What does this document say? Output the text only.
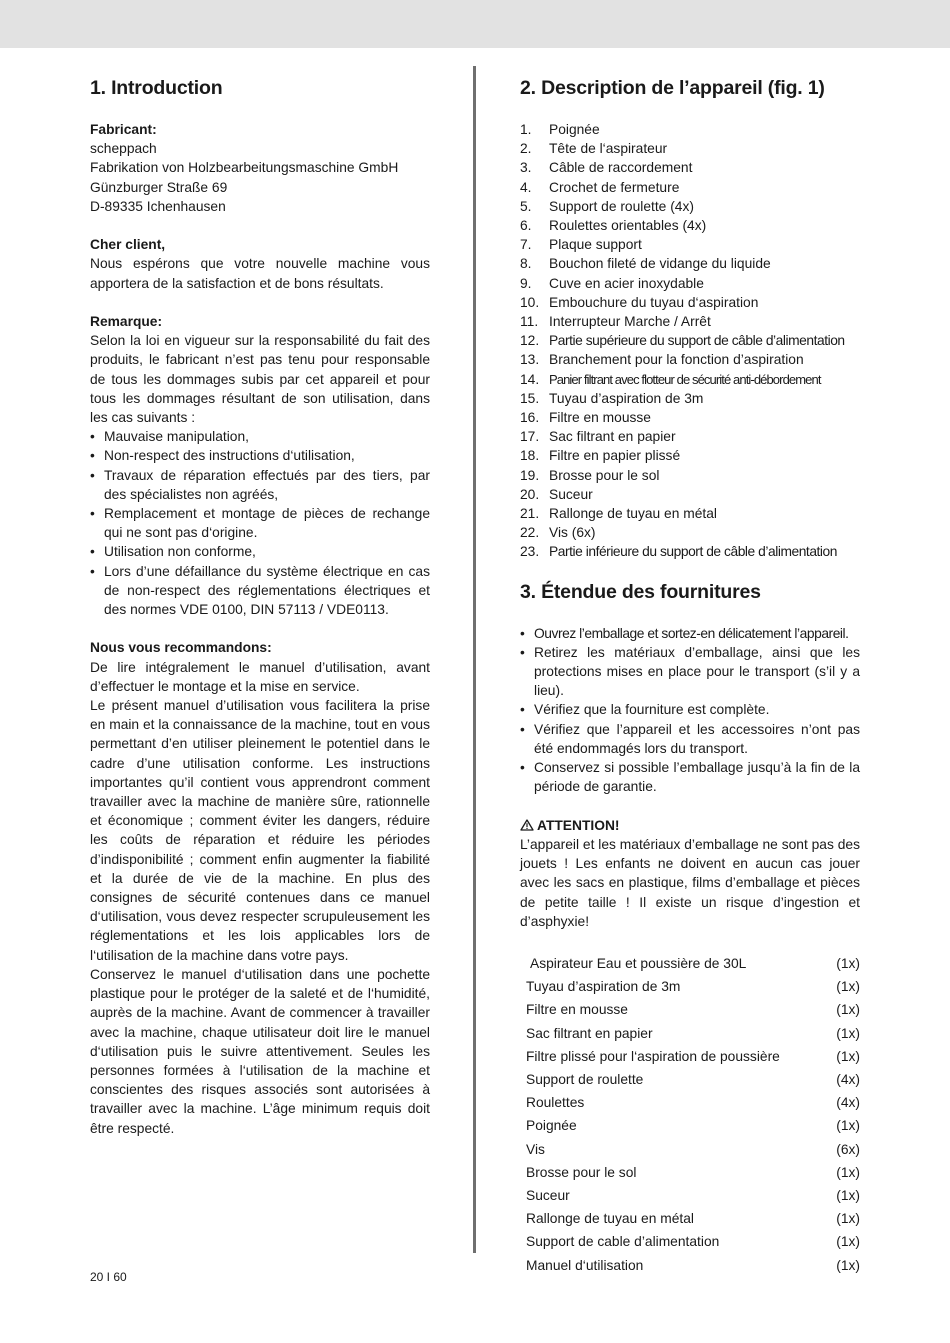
1. Introduction

Fabricant:

scheppach

Fabrikation von Holzbearbeitungsmaschine GmbH

Günzburger Straße 69

D-89335 Ichenhausen

Cher client,

Nous espérons que votre nouvelle machine vous apportera de la satisfaction et de bons résultats.

Remarque:

Selon la loi en vigueur sur la responsabilité du fait des produits, le fabricant n’est pas tenu pour responsable de tous les dommages subis par cet appareil et pour tous les dommages résultant de son utilisation, dans les cas suivants :

• Mauvaise manipulation,
• Non-respect des instructions d‘utilisation,
• Travaux de réparation effectués par des tiers, par des spécialistes non agréés,
• Remplacement et montage de pièces de rechange qui ne sont pas d‘origine.
• Utilisation non conforme,
• Lors d’une défaillance du système électrique en cas de non-respect des réglementations électriques et des normes VDE 0100, DIN 57113 / VDE0113.

Nous vous recommandons:

De lire intégralement le manuel d’utilisation, avant d’effectuer le montage et la mise en service.

Le présent manuel d’utilisation vous facilitera la prise en main et la connaissance de la machine, tout en vous permettant d’en utiliser pleinement le potentiel dans le cadre d’une utilisation conforme. Les instructions importantes qu’il contient vous apprendront comment travailler avec la machine de manière sûre, rationnelle et économique ; comment éviter les dangers, réduire les coûts de réparation et réduire les périodes d’indisponibilité ; comment enfin augmenter la fiabilité et la durée de vie de la machine. En plus des consignes de sécurité contenues dans ce manuel d‘utilisation, vous devez respecter scrupuleusement les réglementations et les lois applicables lors de l‘utilisation de la machine dans votre pays.

Conservez le manuel d‘utilisation dans une pochette plastique pour le protéger de la saleté et de l‘humidité, auprès de la machine. Avant de commencer à travailler avec la machine, chaque utilisateur doit lire le manuel d‘utilisation puis le suivre attentivement. Seules les personnes formées à l‘utilisation de la machine et conscientes des risques associés sont autorisées à travailler avec la machine. L’âge minimum requis doit être respecté.

2. Description de l’appareil (fig. 1)
1.	Poignée
2.	Tête de l‘aspirateur
3.	Câble de raccordement
4.	Crochet de fermeture
5.	Support de roulette (4x)
6.	Roulettes orientables (4x)
7.	Plaque support
8.	Bouchon fileté de vidange du liquide
9.	Cuve en acier inoxydable
10. Embouchure du tuyau d‘aspiration
11. Interrupteur Marche / Arrêt
12. Partie supérieure du support de câble d’alimentation
13. Branchement pour la fonction d’aspiration
14. Panier filtrant avec flotteur de sécurité anti-débordement
15. Tuyau d’aspiration de 3m
16. Filtre en mousse
17. Sac filtrant en papier
18. Filtre en papier plissé
19. Brosse pour le sol
20. Suceur
21. Rallonge de tuyau en métal
22. Vis (6x)
23. Partie inférieure du support de câble d’alimentation
3. Étendue des fournitures
• Ouvrez l’emballage et sortez-en délicatement l’appareil.
• Retirez les matériaux d’emballage, ainsi que les protections mises en place pour le transport (s’il y a lieu).
• Vérifiez que la fourniture est complète.
• Vérifiez que l’appareil et les accessoires n’ont pas été endommagés lors du transport.
• Conservez si possible l’emballage jusqu’à la fin de la période de garantie.

ATTENTION!

L’appareil et les matériaux d’emballage ne sont pas des jouets ! Les enfants ne doivent en aucun cas jouer avec les sacs en plastique, films d’emballage et pièces de petite taille ! Il existe un risque d’ingestion et d’asphyxie!

Aspirateur Eau et poussière de 30L	(1x)
Tuyau d’aspiration de 3m	(1x)
Filtre en mousse	(1x)
Sac filtrant en papier	(1x)
Filtre plissé pour l‘aspiration de poussière	(1x)
Support de roulette	(4x)
Roulettes	(4x)
Poignée	(1x)
Vis	(6x)
Brosse pour le sol	(1x)
Suceur	(1x)
Rallonge de tuyau en métal	(1x)
Support de cable d’alimentation	(1x)
Manuel d‘utilisation	(1x)
20 I 60
